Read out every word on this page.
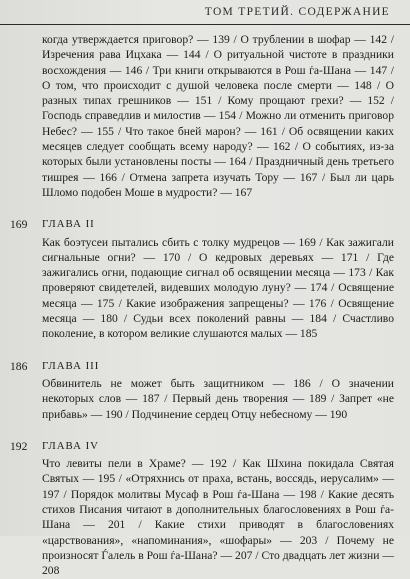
ТОМ ТРЕТИЙ. СОДЕРЖАНИЕ
когда утверждается приговор? — 139 / О трублении в шофар — 142 / Изречения рава Ицхака — 144 / О ритуальной чистоте в праздники восхождения — 146 / Три книги открываются в Рош ѓа-Шана — 147 / О том, что происходит с душой человека после смерти — 148 / О разных типах грешников — 151 / Кому прощают грехи? — 152 / Господь справедлив и милостив — 154 / Можно ли отменить приговор Небес? — 155 / Что такое бней марон? — 161 / Об освящении каких месяцев следует сообщать всему народу? — 162 / О событиях, из-за которых были установлены посты — 164 / Праздничный день третьего тишрея — 166 / Отмена запрета изучать Тору — 167 / Был ли царь Шломо подобен Моше в мудрости? — 167
169 ГЛАВА II
Как боэтусеи пытались сбить с толку мудрецов — 169 / Как зажигали сигнальные огни? — 170 / О кедровых деревьях — 171 / Где зажигались огни, подающие сигнал об освящении месяца — 173 / Как проверяют свидетелей, видевших молодую луну? — 174 / Освящение месяца — 175 / Какие изображения запрещены? — 176 / Освящение месяца — 180 / Судьи всех поколений равны — 184 / Счастливо поколение, в котором великие слушаются малых — 185
186 ГЛАВА III
Обвинитель не может быть защитником — 186 / О значении некоторых слов — 187 / Первый день творения — 189 / Запрет «не прибавь» — 190 / Подчинение сердец Отцу небесному — 190
192 ГЛАВА IV
Что левиты пели в Храме? — 192 / Как Шхина покидала Святая Святых — 195 / «Отряхнись от праха, встань, воссядь, иерусалим» — 197 / Порядок молитвы Мусаф в Рош ѓа-Шана — 198 / Какие десять стихов Писания читают в дополнительных благословениях в Рош ѓа-Шана — 201 / Какие стихи приводят в благословениях «царствования», «напоминания», «шофары» — 203 / Почему не произносят Ѓалель в Рош ѓа-Шана? — 207 / Сто двадцать лет жизни — 208
